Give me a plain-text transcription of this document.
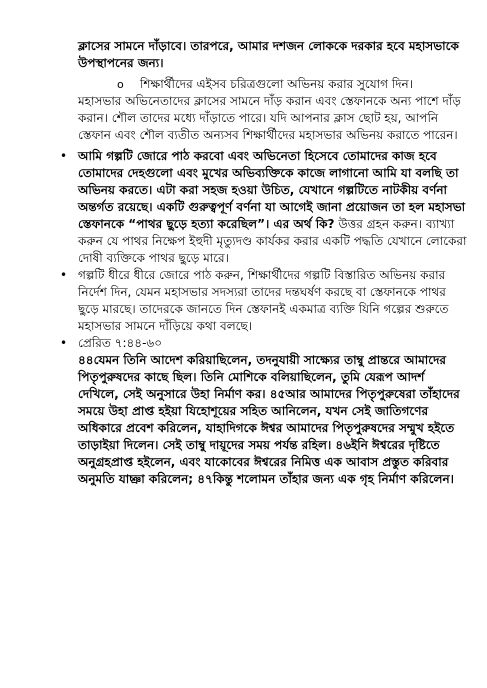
ক্লাসের সামনে দাঁড়াবে। তারপরে, আমার দশজন লোককে দরকার হবে মহাসভাকে উপস্থাপনের জন্য।

o	শিক্ষার্থীদের এইসব চরিত্রগুলো অভিনয় করার সুযোগ দিন।
মহাসভার অভিনেতাদের ক্লাসের সামনে দাঁড় করান এবং স্তেফানকে অন্য পাশে দাঁড় করান। শৌল তাদের মধ্যে দাঁড়াতে পারে। যদি আপনার ক্লাস ছোট হয়, আপনি স্তেফান এবং শৌল ব্যতীত অন্যসব শিক্ষার্থীদের মহাসভার অভিনয় করাতে পারেন।
• আমি গল্পটি জোরে পাঠ করবো এবং অভিনেতা হিসেবে তোমাদের কাজ হবে তোমাদের দেহগুলো এবং মুখের অভিব্যক্তিকে কাজে লাগানো আমি যা বলছি তা অভিনয় করতে। এটা করা সহজ হওয়া উচিত, যেখানে গল্পটিতে নাটকীয় বর্ণনা অন্তর্গত রয়েছে। একটি গুরুত্বপূর্ণ বর্ণনা যা আগেই জানা প্রয়োজন তা হল মহাসভা স্তেফানকে “পাথর ছুড়ে হত্যা করেছিল”। এর অর্থ কি? উত্তর গ্রহন করুন। ব্যাখ্যা করুন যে পাথর নিক্ষেপ ইহুদী মৃত্যুদণ্ড কার্যকর করার একটি পদ্ধতি যেখানে লোকেরা দোষী ব্যক্তিকে পাথর ছুড়ে মারে।
• গল্পটি ধীরে ধীরে জোরে পাঠ করুন, শিক্ষার্থীদের গল্পটি বিস্তারিত অভিনয় করার নির্দেশ দিন, যেমন মহাসভার সদস্যরা তাদের দন্তঘর্ষণ করছে বা স্তেফানকে পাথর ছুড়ে মারছে। তাদেরকে জানতে দিন স্তেফানই একমাত্র ব্যক্তি যিনি গল্পের শুরুতে মহাসভার সামনে দাঁড়িয়ে কথা বলছে।
• প্রেরিত ৭:৪৪-৬০

৪৪যেমন তিনি আদেশ করিয়াছিলেন, তদনুযায়ী সাক্ষ্যের তাম্বু প্রান্তরে আমাদের পিতৃপুরুষদের কাছে ছিল। তিনি মোশিকে বলিয়াছিলেন, তুমি যেরূপ আদর্শ দেখিলে, সেই অনুসারে উহা নির্মাণ কর। ৪৫আর আমাদের পিতৃপুরুষেরা তাঁহাদের সময়ে উহা প্রাপ্ত হইয়া যিহোশূয়ের সহিত আনিলেন, যখন সেই জাতিগণের অধিকারে প্রবেশ করিলেন, যাহাদিগকে ঈশ্বর আমাদের পিতৃপুরুষদের সম্মুখ হইতে তাড়াইয়া দিলেন। সেই তাম্বু দায়ূদের সময় পর্যন্ত রহিল। ৪৬ইনি ঈশ্বরের দৃষ্টিতে অনুগ্রহপ্রাপ্ত হইলেন, এবং যাকোবের ঈশ্বরের নিমিত্ত এক আবাস প্রস্তুত করিবার অনুমতি যাচ্ঞা করিলেন; ৪৭কিন্তু শলোমন তাঁহার জন্য এক গৃহ নির্মাণ করিলেন।
